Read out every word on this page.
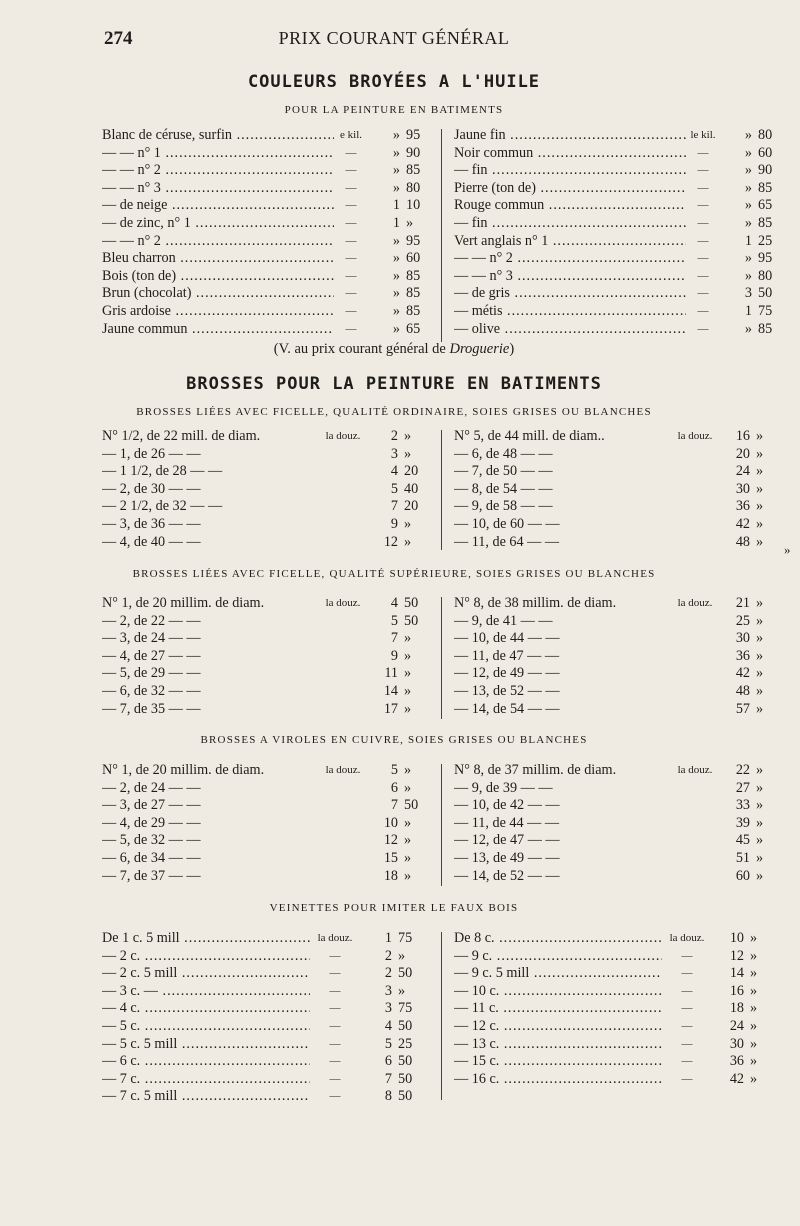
274	PRIX COURANT GÉNÉRAL
COULEURS BROYÉES A L'HUILE
POUR LA PEINTURE EN BATIMENTS
Blanc de céruse, surfin .....	e kil.	» 95
— — n° 1 .....	—	» 90
— — n° 2 .....	—	» 85
— — n° 3 .....	—	» 80
— de neige .....	—	1 10
— de zinc, n° 1 .....	—	1 »
— — n° 2 .....	—	» 95
Bleu charron .....	—	» 60
Bois (ton de) .....	—	» 85
Brun (chocolat) .....	—	» 85
Gris ardoise .....	—	» 85
Jaune commun .....	—	» 65
Jaune fin .....	le kil.	» 80
Noir commun .....	—	» 60
— fin .....	—	» 90
Pierre (ton de) .....	—	» 85
Rouge commun .....	—	» 65
— fin .....	—	» 85
Vert anglais n° 1 .....	—	1 25
— — n° 2 .....	—	» 95
— — n° 3 .....	—	» 80
— de gris .....	—	3 50
— métis .....	—	1 75
— olive .....	—	» 85
(V. au prix courant général de Droguerie)
BROSSES POUR LA PEINTURE EN BATIMENTS
BROSSES LIÉES AVEC FICELLE, QUALITÉ ORDINAIRE, SOIES GRISES OU BLANCHES
N° 1/2, de 22 mill. de diam.	la douz.	2 »
— 1, de 26 — —	3 »
— 1 1/2, de 28 — —	4 20
— 2, de 30 — —	5 40
— 2 1/2, de 32 — —	7 20
— 3, de 36 — —	9 »
— 4, de 40 — —	12 »
N° 5, de 44 mill. de diam..	la douz.	16 »
— 6, de 48 — —	20 »
— 7, de 50 — —	24 »
— 8, de 54 — —	30 »
— 9, de 58 — —	36 »
— 10, de 60 — —	42 »
— 11, de 64 — —	48 »	»
BROSSES LIÉES AVEC FICELLE, QUALITÉ SUPÉRIEURE, SOIES GRISES OU BLANCHES
N° 1, de 20 millim. de diam.	la douz.	4 50
— 2, de 22 — —	5 50
— 3, de 24 — —	7 »
— 4, de 27 — —	9 »
— 5, de 29 — —	11 »
— 6, de 32 — —	14 »
— 7, de 35 — —	17 »
N° 8, de 38 millim. de diam.	la douz.	21 »
— 9, de 41 — —	25 »
— 10, de 44 — —	30 »
— 11, de 47 — —	36 »
— 12, de 49 — —	42 »
— 13, de 52 — —	48 »
— 14, de 54 — —	57 »
BROSSES A VIROLES EN CUIVRE, SOIES GRISES OU BLANCHES
N° 1, de 20 millim. de diam.	la douz.	5 »
— 2, de 24 — —	6 »
— 3, de 27 — —	7 50
— 4, de 29 — —	10 »
— 5, de 32 — —	12 »
— 6, de 34 — —	15 »
— 7, de 37 — —	18 »
N° 8, de 37 millim. de diam.	la douz.	22 »
— 9, de 39 — —	27 »
— 10, de 42 — —	33 »
— 11, de 44 — —	39 »
— 12, de 47 — —	45 »
— 13, de 49 — —	51 »
— 14, de 52 — —	60 »
VEINETTES POUR IMITER LE FAUX BOIS
De 1 c. 5 mill .....	la douz.	1 75
— 2 c. .....	—	2 »
— 2 c. 5 mill .....	—	2 50
— 3 c. — .....	—	3 »
— 4 c. .....	—	3 75
— 5 c. .....	—	4 50
— 5 c. 5 mill .....	—	5 25
— 6 c. .....	—	6 50
— 7 c. .....	—	7 50
— 7 c. 5 mill .....	—	8 50
De 8 c. .....	la douz.	10 »
— 9 c. .....	—	12 »
— 9 c. 5 mill .....	—	14 »
— 10 c. .....	—	16 »
— 11 c. .....	—	18 »
— 12 c. .....	—	24 »
— 13 c. .....	—	30 »
— 15 c. .....	—	36 »
— 16 c. .....	—	42 »
